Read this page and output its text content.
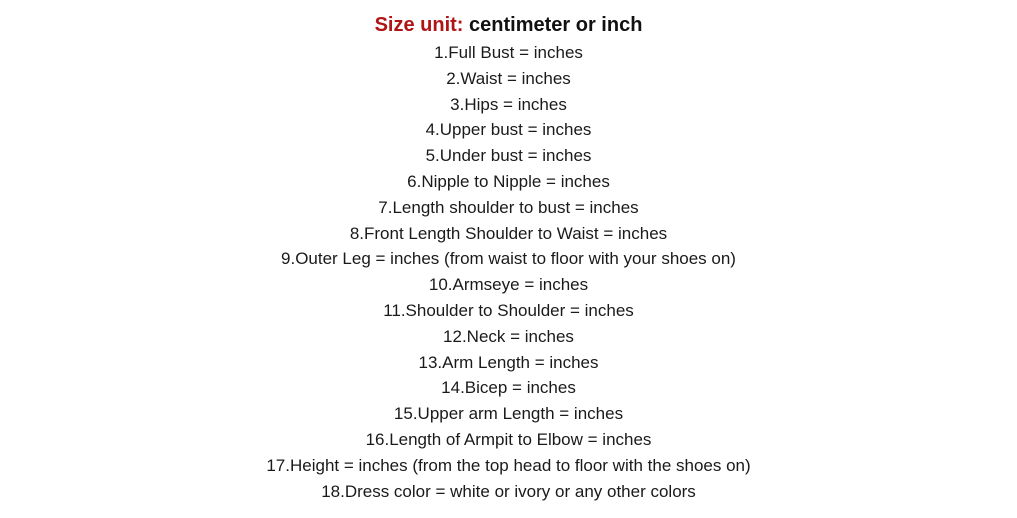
Size unit: centimeter or inch
1.Full Bust = inches
2.Waist = inches
3.Hips = inches
4.Upper bust = inches
5.Under bust = inches
6.Nipple to Nipple = inches
7.Length shoulder to bust = inches
8.Front Length Shoulder to Waist = inches
9.Outer Leg = inches (from waist to floor with your shoes on)
10.Armseye = inches
11.Shoulder to Shoulder = inches
12.Neck = inches
13.Arm Length = inches
14.Bicep = inches
15.Upper arm Length = inches
16.Length of Armpit to Elbow = inches
17.Height = inches (from the top head to floor with the shoes on)
18.Dress color = white or ivory or any other colors
